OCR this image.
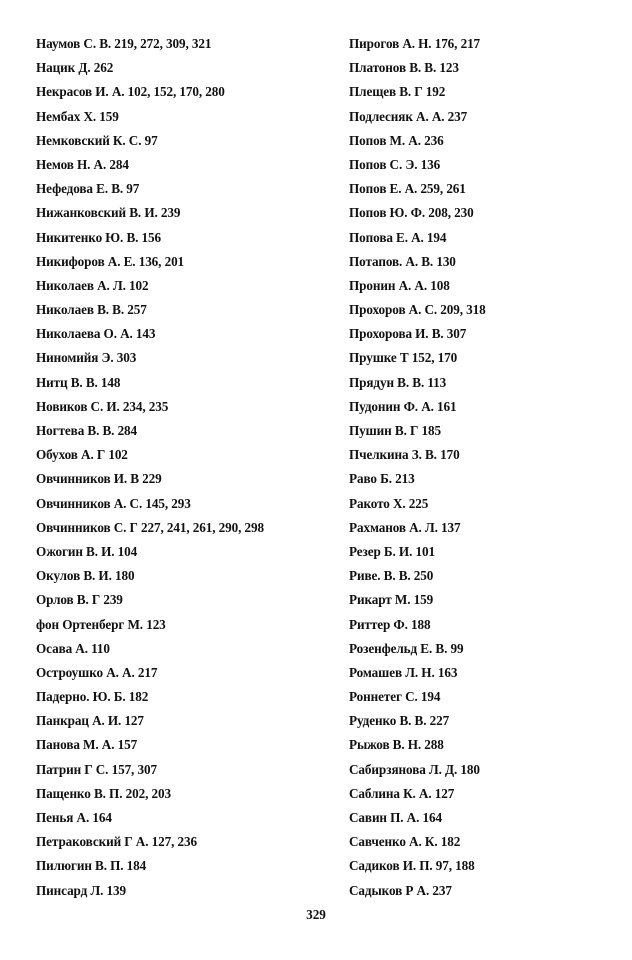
Наумов С. В. 219, 272, 309, 321
Нацик Д. 262
Некрасов И. А. 102, 152, 170, 280
Нембах Х. 159
Немковский К. С. 97
Немов Н. А. 284
Нефедова Е. В. 97
Нижанковский В. И. 239
Никитенко Ю. В. 156
Никифоров А. Е. 136, 201
Николаев А. Л. 102
Николаев В. В. 257
Николаева О. А. 143
Ниномийя Э. 303
Нитц В. В. 148
Новиков С. И. 234, 235
Ногтева В. В. 284
Обухов А. Г 102
Овчинников И. В 229
Овчинников А. С. 145, 293
Овчинников С. Г 227, 241, 261, 290, 298
Ожогин В. И. 104
Окулов В. И. 180
Орлов В. Г 239
фон Ортенберг М. 123
Осава А. 110
Остроушко А. А. 217
Падерно. Ю. Б. 182
Панкрац А. И. 127
Панова М. А. 157
Патрин Г С. 157, 307
Пащенко В. П. 202, 203
Пенья А. 164
Петраковский Г А. 127, 236
Пилюгин В. П. 184
Пинсард Л. 139
Пирогов А. Н. 176, 217
Платонов В. В. 123
Плещев В. Г 192
Подлесняк А. А. 237
Попов М. А. 236
Попов С. Э. 136
Попов Е. А. 259, 261
Попов Ю. Ф. 208, 230
Попова Е. А. 194
Потапов. А. В. 130
Пронин А. А. 108
Прохоров А. С. 209, 318
Прохорова И. В. 307
Прушке Т 152, 170
Прядун В. В. 113
Пудонин Ф. А. 161
Пушин В. Г 185
Пчелкина З. В. 170
Раво Б. 213
Ракото Х. 225
Рахманов А. Л. 137
Резер Б. И. 101
Риве. В. В. 250
Рикарт М. 159
Риттер Ф. 188
Розенфельд Е. В. 99
Ромашев Л. Н. 163
Роннетег С. 194
Руденко В. В. 227
Рыжов В. Н. 288
Сабирзянова Л. Д. 180
Саблина К. А. 127
Савин П. А. 164
Савченко А. К. 182
Садиков И. П. 97, 188
Садыков Р А. 237
329
